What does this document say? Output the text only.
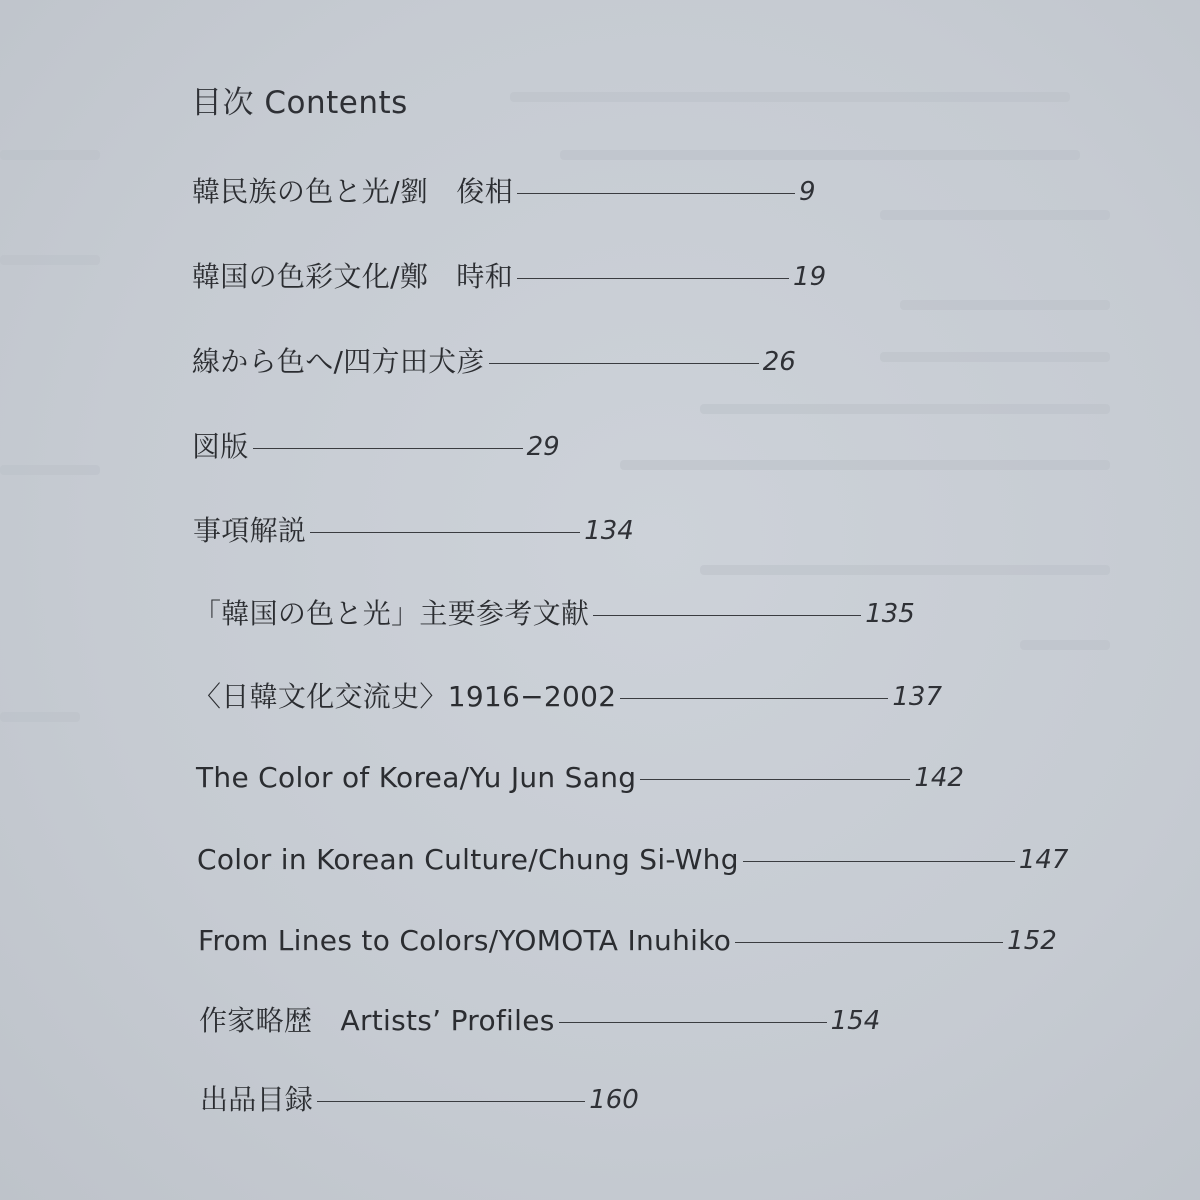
目次 Contents
韓民族の色と光/劉　俊相	9
韓国の色彩文化/鄭　時和	19
線から色へ/四方田犬彦	26
図版	29
事項解説	134
「韓国の色と光」主要参考文献	135
〈日韓文化交流史〉1916−2002	137
The Color of Korea/Yu Jun Sang	142
Color in Korean Culture/Chung Si-Whg	147
From Lines to Colors/YOMOTA Inuhiko	152
作家略歴　Artists’ Profiles	154
出品目録	160
